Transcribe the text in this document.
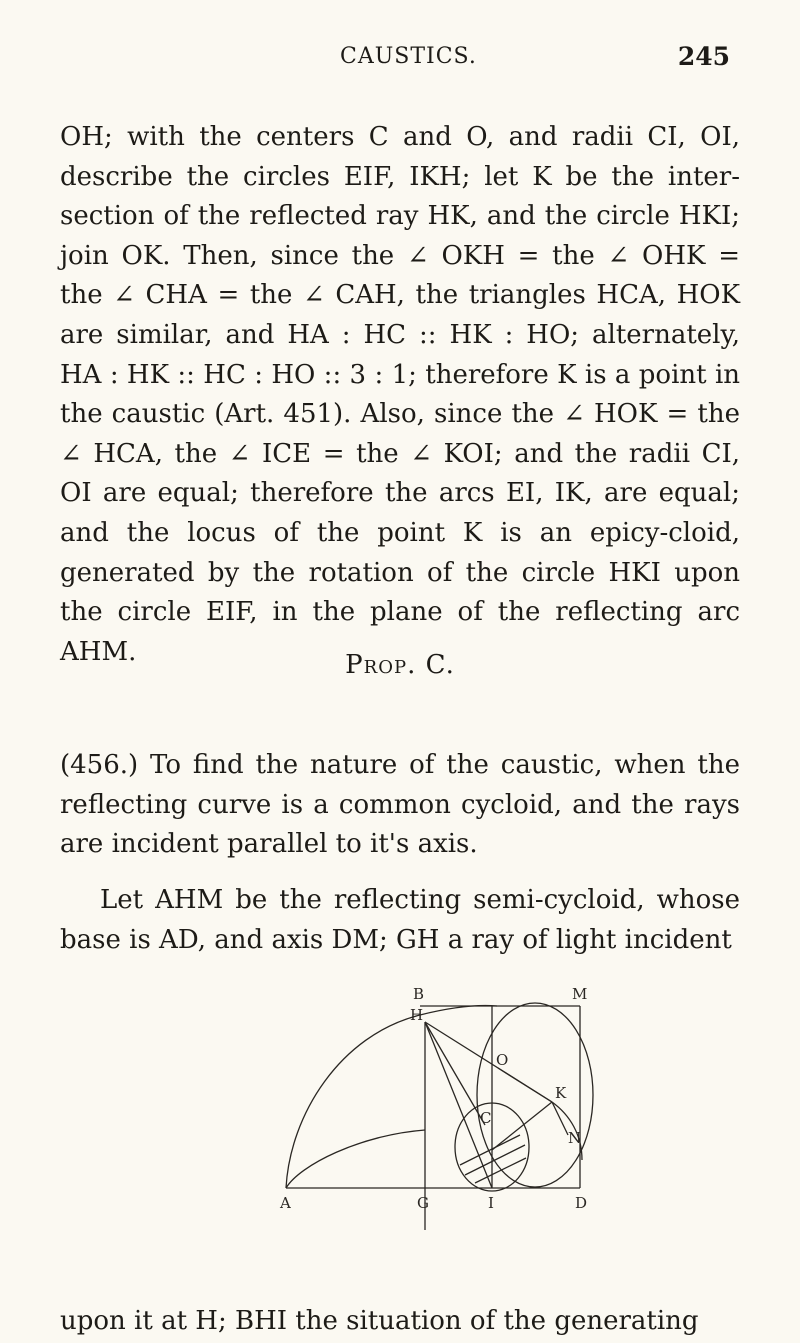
CAUSTICS.	245

OH; with the centers C and O, and radii CI, OI, describe the circles EIF, IKH; let K be the inter-section of the reflected ray HK, and the circle HKI; join OK. Then, since the ∠ OKH = the ∠ OHK = the ∠ CHA = the ∠ CAH, the triangles HCA, HOK are similar, and HA : HC :: HK : HO; alternately, HA : HK :: HC : HO :: 3 : 1; therefore K is a point in the caustic (Art. 451). Also, since the ∠ HOK = the ∠ HCA, the ∠ ICE = the ∠ KOI; and the radii CI, OI are equal; therefore the arcs EI, IK, are equal; and the locus of the point K is an epicy-cloid, generated by the rotation of the circle HKI upon the circle EIF, in the plane of the reflecting arc AHM.	Prop. C.

(456.) To find the nature of the caustic, when the reflecting curve is a common cycloid, and the rays are incident parallel to it's axis.

Let AHM be the reflecting semi-cycloid, whose base is AD, and axis DM; GH a ray of light incident

B	M
H
O
K
C
N
A	G	I	D

upon it at H; BHI the situation of the generating
